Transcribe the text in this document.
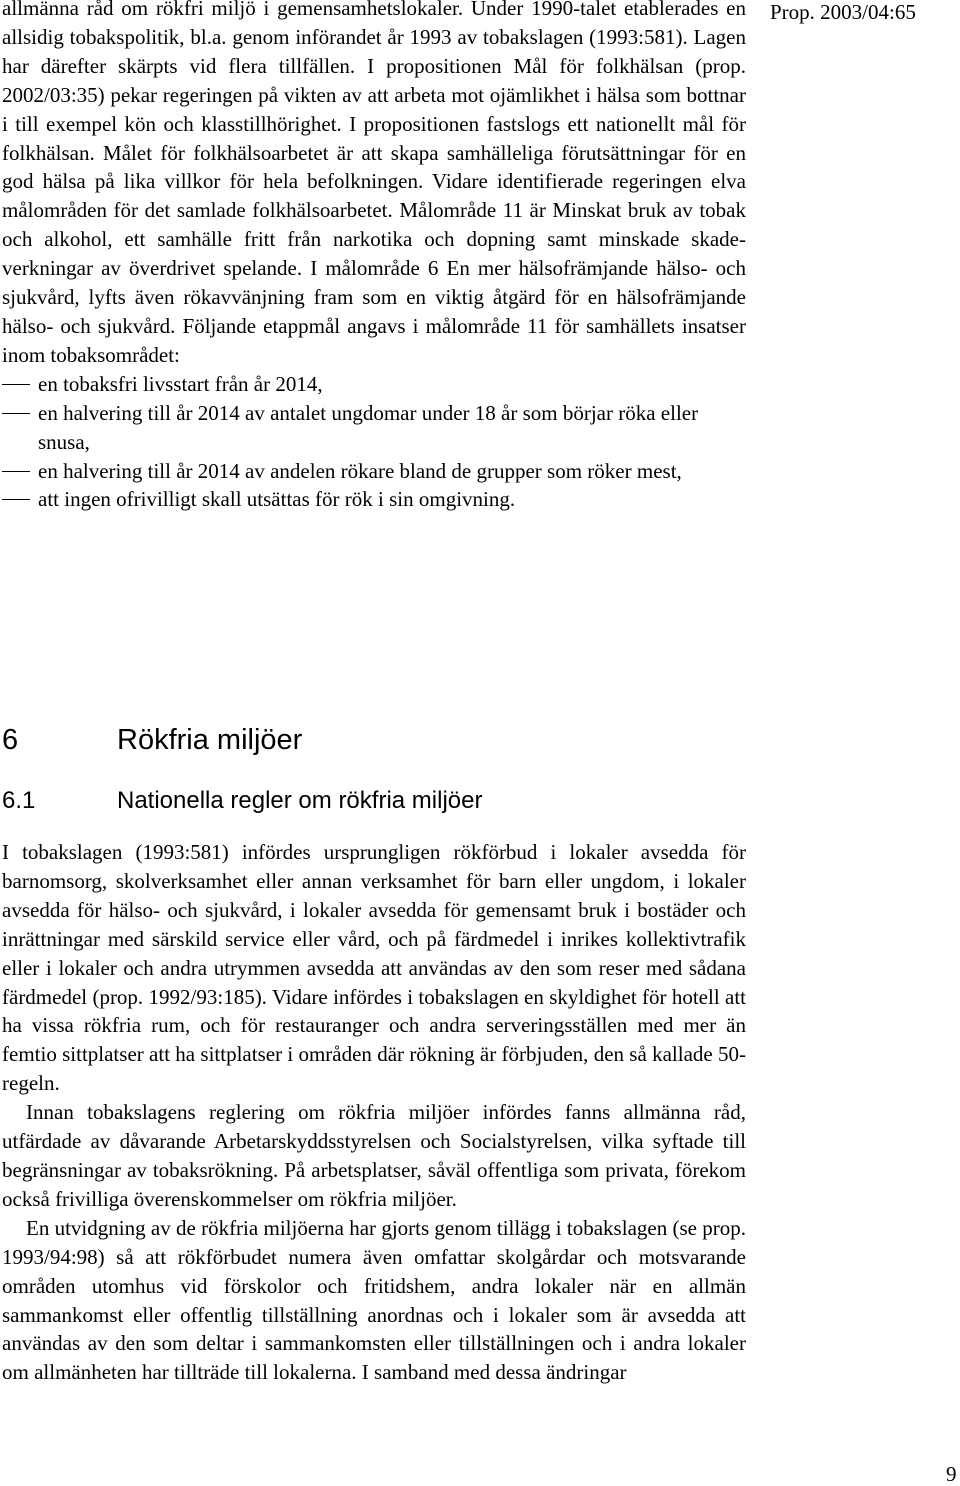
Prop. 2003/04:65

allmänna råd om rökfri miljö i gemensamhetslokaler. Under 1990-talet etablerades en allsidig tobakspolitik, bl.a. genom införandet år 1993 av tobakslagen (1993:581). Lagen har därefter skärpts vid flera tillfällen. I propositionen Mål för folkhälsan (prop. 2002/03:35) pekar regeringen på vikten av att arbeta mot ojämlikhet i hälsa som bottnar i till exempel kön och klasstillhörighet. I propositionen fastslogs ett nationellt mål för folkhälsan. Målet för folkhälsoarbetet är att skapa samhälleliga förutsättningar för en god hälsa på lika villkor för hela befolkningen. Vidare identifierade regeringen elva målområden för det samlade folkhälsoarbetet. Målområde 11 är Minskat bruk av tobak och alkohol, ett samhälle fritt från narkotika och dopning samt minskade skadeverkningar av överdrivet spelande. I målområde 6 En mer hälsofrämjande hälso- och sjukvård, lyfts även rökavvänjning fram som en viktig åtgärd för en hälsofrämjande hälso- och sjukvård. Följande etappmål angavs i målområde 11 för samhällets insatser inom tobaksområdet:

en tobaksfri livsstart från år 2014,
en halvering till år 2014 av antalet ungdomar under 18 år som börjar röka eller snusa,
en halvering till år 2014 av andelen rökare bland de grupper som röker mest,
att ingen ofrivilligt skall utsättas för rök i sin omgivning.
6	Rökfria miljöer
6.1	Nationella regler om rökfria miljöer

I tobakslagen (1993:581) infördes ursprungligen rökförbud i lokaler avsedda för barnomsorg, skolverksamhet eller annan verksamhet för barn eller ungdom, i lokaler avsedda för hälso- och sjukvård, i lokaler avsedda för gemensamt bruk i bostäder och inrättningar med särskild service eller vård, och på färdmedel i inrikes kollektivtrafik eller i lokaler och andra utrymmen avsedda att användas av den som reser med sådana färdmedel (prop. 1992/93:185). Vidare infördes i tobakslagen en skyldighet för hotell att ha vissa rökfria rum, och för restauranger och andra serveringsställen med mer än femtio sittplatser att ha sittplatser i områden där rökning är förbjuden, den så kallade 50-regeln.

Innan tobakslagens reglering om rökfria miljöer infördes fanns allmänna råd, utfärdade av dåvarande Arbetarskyddsstyrelsen och Socialstyrelsen, vilka syftade till begränsningar av tobaksrökning. På arbetsplatser, såväl offentliga som privata, förekom också frivilliga överenskommelser om rökfria miljöer.

En utvidgning av de rökfria miljöerna har gjorts genom tillägg i tobakslagen (se prop. 1993/94:98) så att rökförbudet numera även omfattar skolgårdar och motsvarande områden utomhus vid förskolor och fritidshem, andra lokaler när en allmän sammankomst eller offentlig tillställning anordnas och i lokaler som är avsedda att användas av den som deltar i sammankomsten eller tillställningen och i andra lokaler om allmänheten har tillträde till lokalerna. I samband med dessa ändringar

9
